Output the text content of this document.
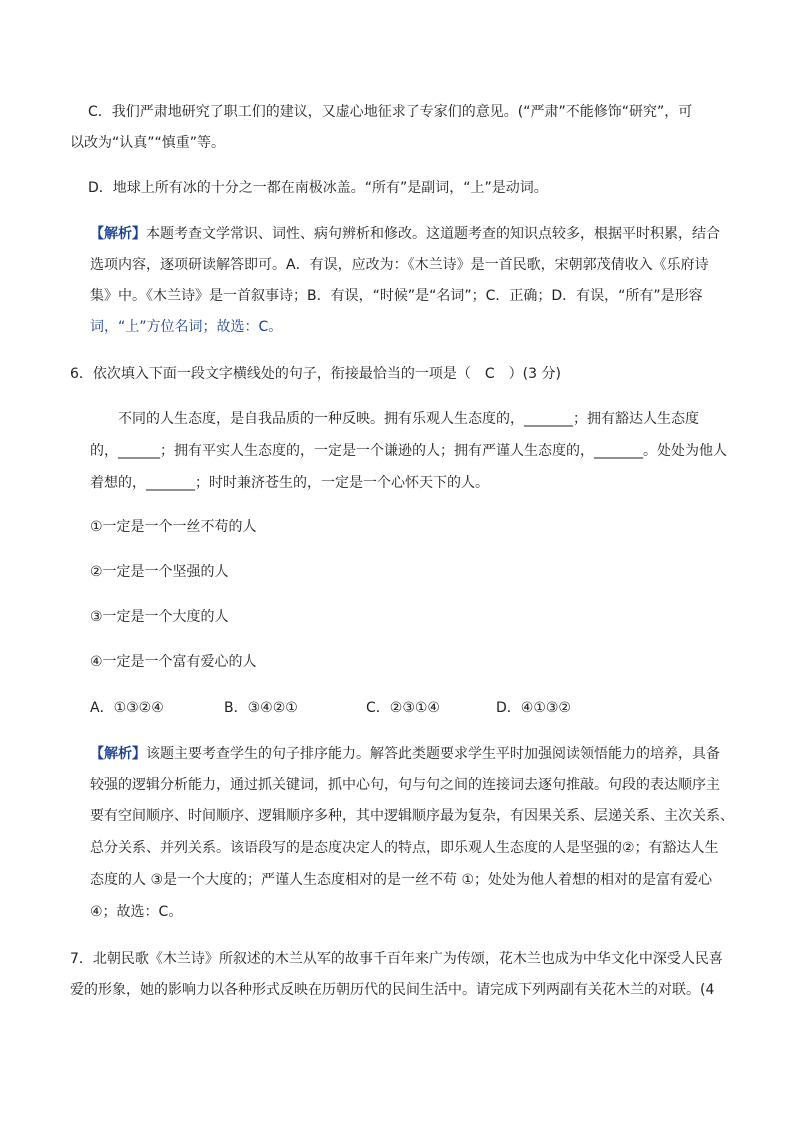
C．我们严肃地研究了职工们的建议，又虚心地征求了专家们的意见。(“严肃”不能修饰“研究”，可
以改为“认真”“慎重”等。
D．地球上所有冰的十分之一都在南极冰盖。“所有”是副词，“上”是动词。
【解析】本题考查文学常识、词性、病句辨析和修改。这道题考查的知识点较多，根据平时积累，结合
选项内容，逐项研读解答即可。A．有误，应改为：《木兰诗》是一首民歌，宋朝郭茂倩收入《乐府诗
集》中。《木兰诗》是一首叙事诗；B．有误，“时候”是“名词”；C．正确；D．有误，“所有”是形容
词，“上”方位名词；故选：C。
6．依次填入下面一段文字横线处的句子，衔接最恰当的一项是（　C　）(3 分)
不同的人生态度，是自我品质的一种反映。拥有乐观人生态度的，_______；拥有豁达人生态度
的，______；拥有平实人生态度的，一定是一个谦逊的人；拥有严谨人生态度的，_______。处处为他人
着想的，_______；时时兼济苍生的，一定是一个心怀天下的人。
①一定是一个一丝不苟的人
②一定是一个坚强的人
③一定是一个大度的人
④一定是一个富有爱心的人
A．①③②④	B．③④②①	C．②③①④	D．④①③②
【解析】该题主要考查学生的句子排序能力。解答此类题要求学生平时加强阅读领悟能力的培养，具备
较强的逻辑分析能力，通过抓关键词，抓中心句，句与句之间的连接词去逐句推敲。句段的表达顺序主
要有空间顺序、时间顺序、逻辑顺序多种，其中逻辑顺序最为复杂，有因果关系、层递关系、主次关系、
总分关系、并列关系。该语段写的是态度决定人的特点，即乐观人生态度的人是坚强的②；有豁达人生
态度的人 ③是一个大度的；严谨人生态度相对的是一丝不苟 ①；处处为他人着想的相对的是富有爱心
④；故选：C。
7．北朝民歌《木兰诗》所叙述的木兰从军的故事千百年来广为传颂，花木兰也成为中华文化中深受人民喜
爱的形象，她的影响力以各种形式反映在历朝历代的民间生活中。请完成下列两副有关花木兰的对联。(4
